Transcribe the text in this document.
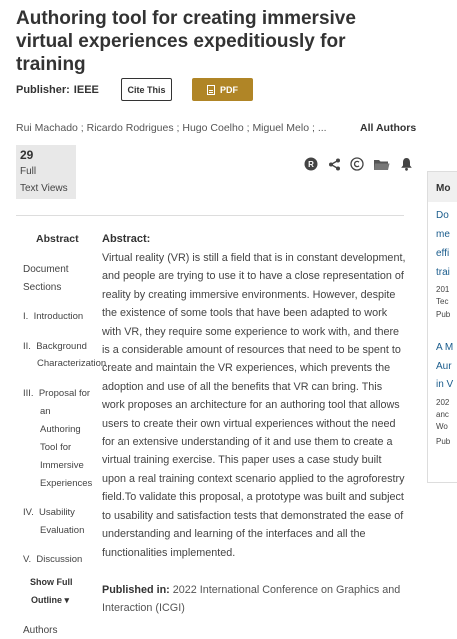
Authoring tool for creating immersive virtual experiences expeditiously for training
Publisher: IEEE	Cite This	PDF
Rui Machado ; Ricardo Rodrigues ; Hugo Coelho ; Miguel Melo ; ...	All Authors
29
Full
Text Views
R
Mo
Do
me
effi
trai
201
Tec
Pub
A M
Aur
in V
202
anc
Wo
Pub
Abstract
Document
Sections
I. Introduction
II. Background
Characterization
III. Proposal for
an
Authoring
Tool for
Immersive
Experiences
IV. Usability
Evaluation
V. Discussion
Show Full
Outline ▾
Authors
Abstract:
Virtual reality (VR) is still a field that is in constant development,
and people are trying to use it to have a close representation of
reality by creating immersive environments. However, despite
the existence of some tools that have been adapted to work
with VR, they require some experience to work with, and there
is a considerable amount of resources that need to be spent to
create and maintain the VR experiences, which prevents the
adoption and use of all the benefits that VR can bring. This
work proposes an architecture for an authoring tool that allows
users to create their own virtual experiences without the need
for an extensive understanding of it and use them to create a
virtual training exercise. This paper uses a case study built
upon a real training context scenario applied to the agroforestry
field.To validate this proposal, a prototype was built and subject
to usability and satisfaction tests that demonstrated the ease of
understanding and learning of the interfaces and all the
functionalities implemented.
Published in: 2022 International Conference on Graphics and
Interaction (ICGI)
